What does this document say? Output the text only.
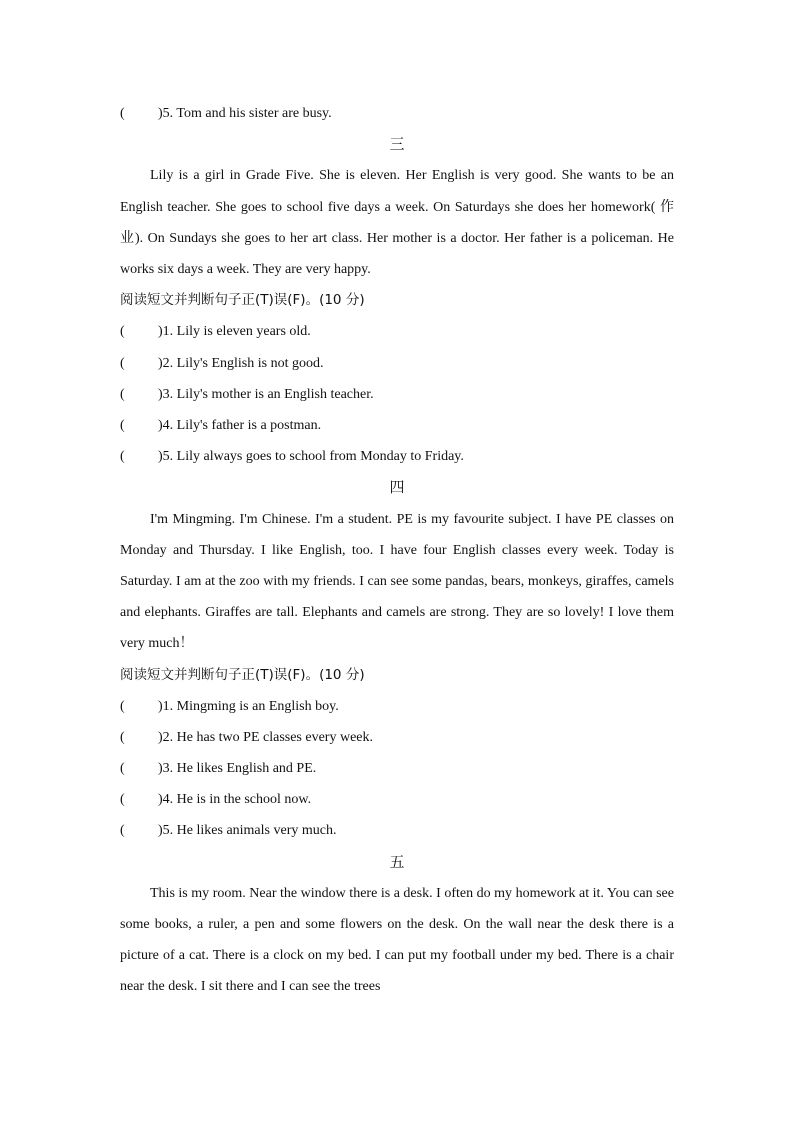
(	) 5. Tom and his sister are busy.
三
Lily is a girl in Grade Five. She is eleven. Her English is very good. She wants to be an English teacher. She goes to school five days a week. On Saturdays she does her homework( 作业). On Sundays she goes to her art class. Her mother is a doctor. Her father is a policeman. He works six days a week. They are very happy.
阅读短文并判断句子正(T)误(F)。(10 分)
(	) 1. Lily is eleven years old.
(	) 2. Lily's English is not good.
(	) 3. Lily's mother is an English teacher.
(	) 4. Lily's father is a postman.
(	) 5. Lily always goes to school from Monday to Friday.
四
I'm Mingming. I'm Chinese. I'm a student. PE is my favourite subject. I have PE classes on Monday and Thursday. I like English, too. I have four English classes every week. Today is Saturday. I am at the zoo with my friends. I can see some pandas, bears, monkeys, giraffes, camels and elephants. Giraffes are tall. Elephants and camels are strong. They are so lovely! I love them very much！
阅读短文并判断句子正(T)误(F)。(10 分)
(	) 1. Mingming is an English boy.
(	) 2. He has two PE classes every week.
(	) 3. He likes English and PE.
(	) 4. He is in the school now.
(	) 5. He likes animals very much.
五
This is my room. Near the window there is a desk. I often do my homework at it. You can see some books, a ruler, a pen and some flowers on the desk. On the wall near the desk there is a picture of a cat. There is a clock on my bed. I can put my football under my bed. There is a chair near the desk. I sit there and I can see the trees
